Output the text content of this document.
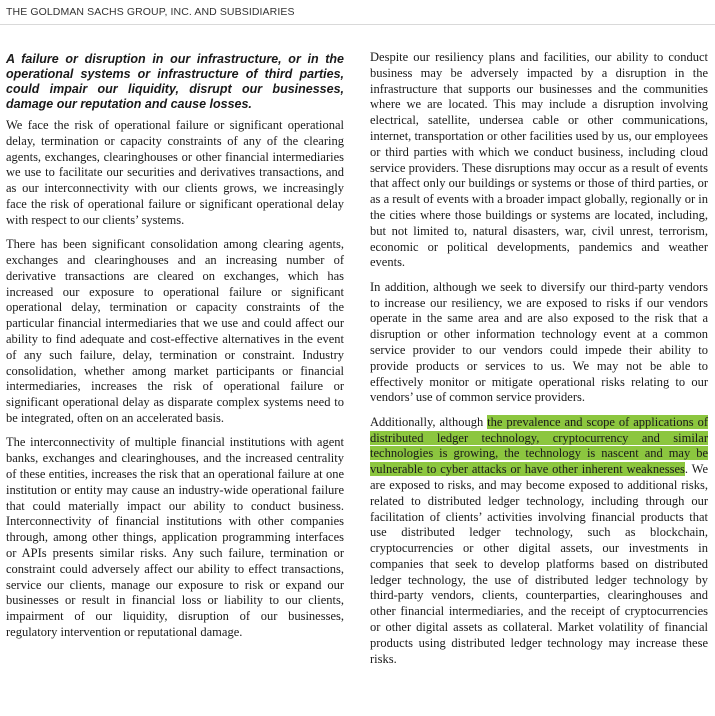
THE GOLDMAN SACHS GROUP, INC. AND SUBSIDIARIES

A failure or disruption in our infrastructure, or in the operational systems or infrastructure of third parties, could impair our liquidity, disrupt our businesses, damage our reputation and cause losses.

We face the risk of operational failure or significant operational delay, termination or capacity constraints of any of the clearing agents, exchanges, clearinghouses or other financial intermediaries we use to facilitate our securities and derivatives transactions, and as our interconnectivity with our clients grows, we increasingly face the risk of operational failure or significant operational delay with respect to our clients’ systems.

There has been significant consolidation among clearing agents, exchanges and clearinghouses and an increasing number of derivative transactions are cleared on exchanges, which has increased our exposure to operational failure or significant operational delay, termination or capacity constraints of the particular financial intermediaries that we use and could affect our ability to find adequate and cost-effective alternatives in the event of any such failure, delay, termination or constraint. Industry consolidation, whether among market participants or financial intermediaries, increases the risk of operational failure or significant operational delay as disparate complex systems need to be integrated, often on an accelerated basis.

The interconnectivity of multiple financial institutions with agent banks, exchanges and clearinghouses, and the increased centrality of these entities, increases the risk that an operational failure at one institution or entity may cause an industry-wide operational failure that could materially impact our ability to conduct business. Interconnectivity of financial institutions with other companies through, among other things, application programming interfaces or APIs presents similar risks. Any such failure, termination or constraint could adversely affect our ability to effect transactions, service our clients, manage our exposure to risk or expand our businesses or result in financial loss or liability to our clients, impairment of our liquidity, disruption of our businesses, regulatory intervention or reputational damage.

Despite our resiliency plans and facilities, our ability to conduct business may be adversely impacted by a disruption in the infrastructure that supports our businesses and the communities where we are located. This may include a disruption involving electrical, satellite, undersea cable or other communications, internet, transportation or other facilities used by us, our employees or third parties with which we conduct business, including cloud service providers. These disruptions may occur as a result of events that affect only our buildings or systems or those of third parties, or as a result of events with a broader impact globally, regionally or in the cities where those buildings or systems are located, including, but not limited to, natural disasters, war, civil unrest, terrorism, economic or political developments, pandemics and weather events.

In addition, although we seek to diversify our third-party vendors to increase our resiliency, we are exposed to risks if our vendors operate in the same area and are also exposed to the risk that a disruption or other information technology event at a common service provider to our vendors could impede their ability to provide products or services to us. We may not be able to effectively monitor or mitigate operational risks relating to our vendors’ use of common service providers.

Additionally, although the prevalence and scope of applications of distributed ledger technology, cryptocurrency and similar technologies is growing, the technology is nascent and may be vulnerable to cyber attacks or have other inherent weaknesses. We are exposed to risks, and may become exposed to additional risks, related to distributed ledger technology, including through our facilitation of clients’ activities involving financial products that use distributed ledger technology, such as blockchain, cryptocurrencies or other digital assets, our investments in companies that seek to develop platforms based on distributed ledger technology, the use of distributed ledger technology by third-party vendors, clients, counterparties, clearinghouses and other financial intermediaries, and the receipt of cryptocurrencies or other digital assets as collateral. Market volatility of financial products using distributed ledger technology may increase these risks.
